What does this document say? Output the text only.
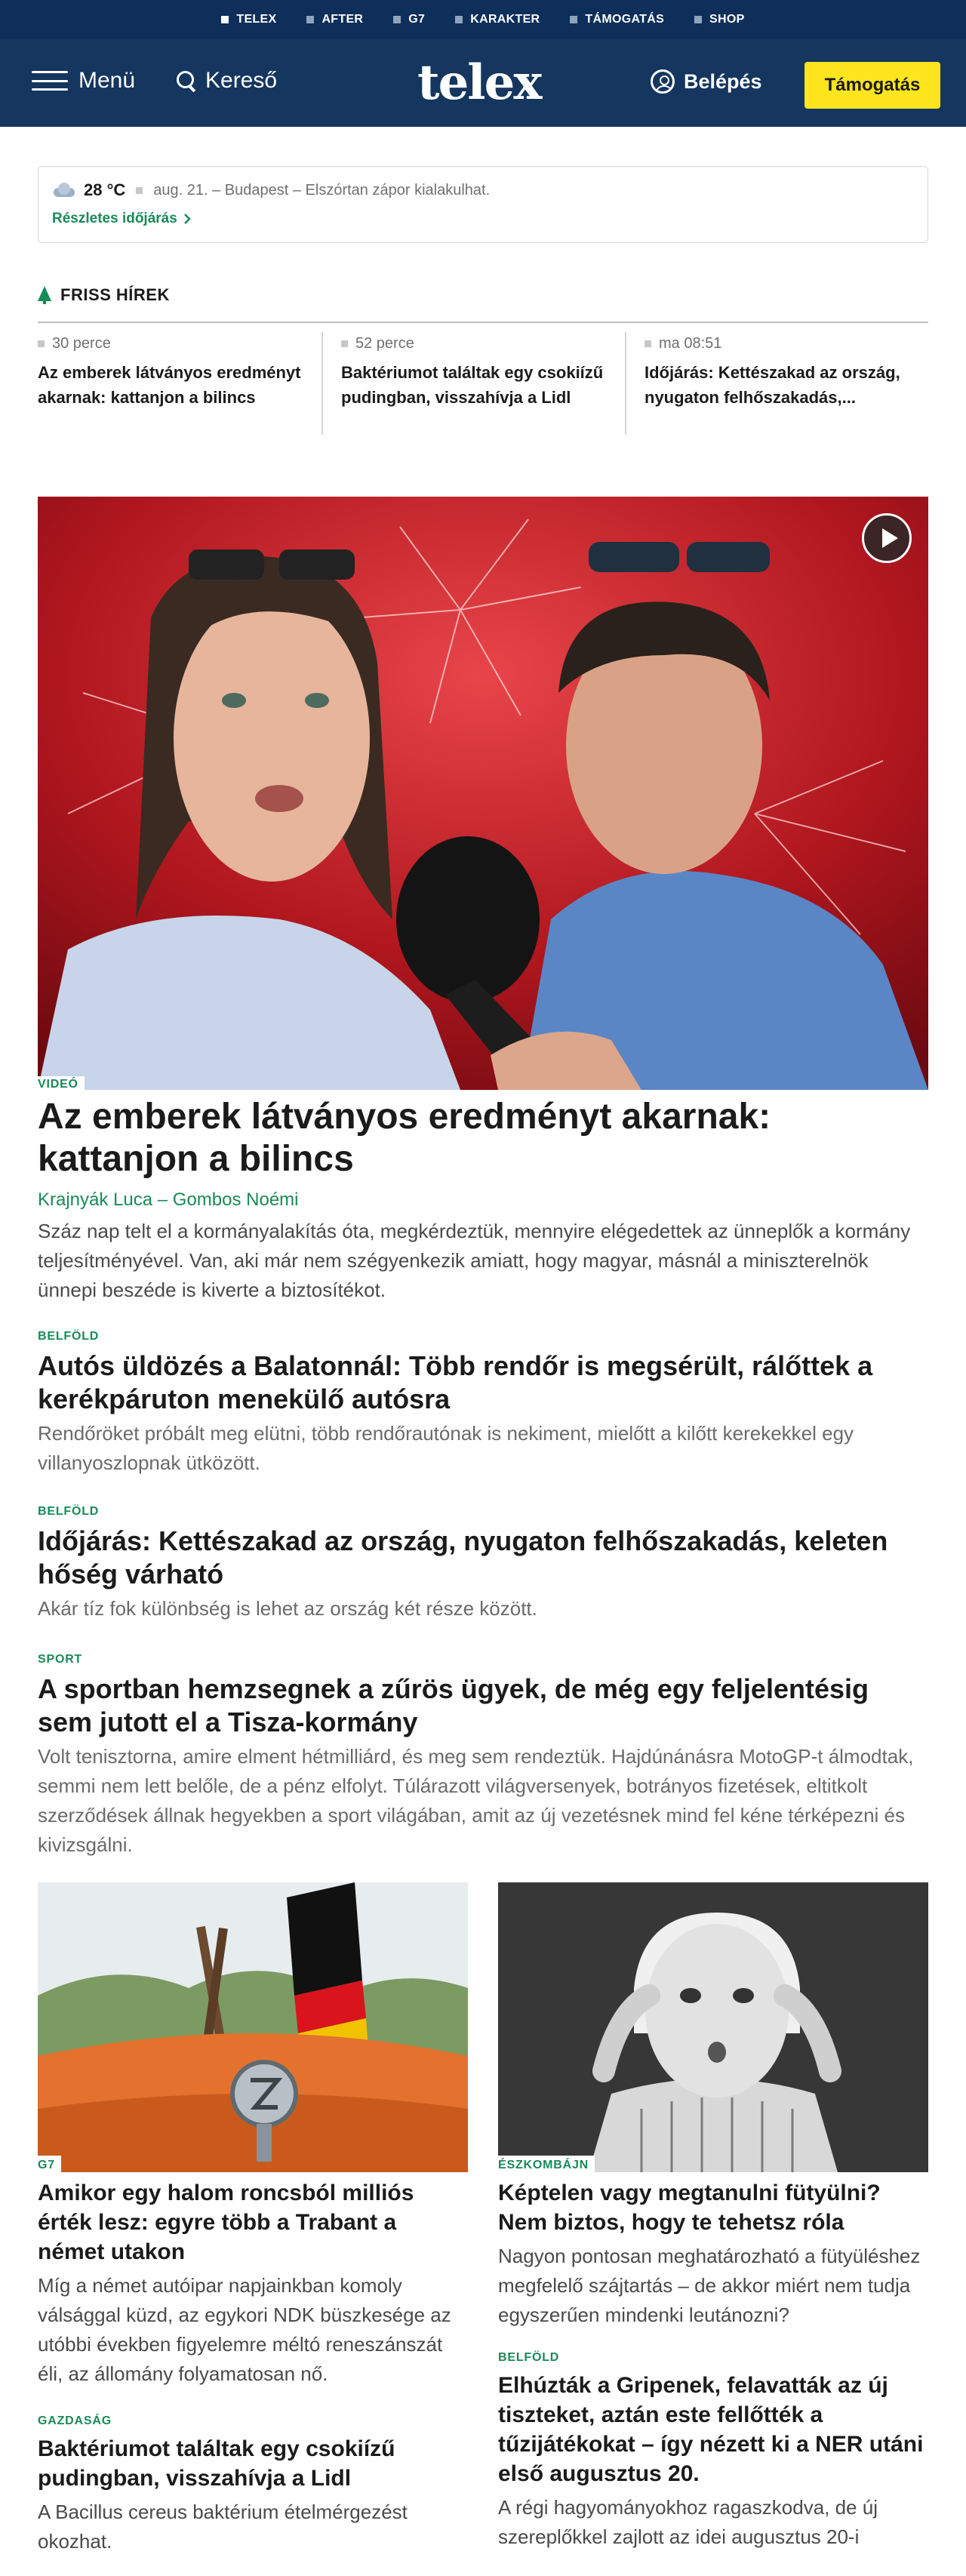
TELEX	AFTER	G7	KARAKTER	TÁMOGATÁS	SHOP
Menü	Kereső	telex	Belépés	Támogatás
28 °C aug. 21. – Budapest – Elszórtan zápor kialakulhat.
Részletes időjárás
FRISS HÍREK
30 perce
Az emberek látványos eredményt akarnak: kattanjon a bilincs
52 perce
Baktériumot találtak egy csokiízű pudingban, visszahívja a Lidl
ma 08:51
Időjárás: Kettészakad az ország, nyugaton felhőszakadás,...
VIDEÓ
Az emberek látványos eredményt akarnak: kattanjon a bilincs
Krajnyák Luca – Gombos Noémi

Száz nap telt el a kormányalakítás óta, megkérdeztük, mennyire elégedettek az ünneplők a kormány teljesítményével. Van, aki már nem szégyenkezik amiatt, hogy magyar, másnál a miniszterelnök ünnepi beszéde is kiverte a biztosítékot.

BELFÖLD
Autós üldözés a Balatonnál: Több rendőr is megsérült, rálőttek a kerékpáruton menekülő autósra
Rendőröket próbált meg elütni, több rendőrautónak is nekiment, mielőtt a kilőtt kerekekkel egy villanyoszlopnak ütközött.
BELFÖLD
Időjárás: Kettészakad az ország, nyugaton felhőszakadás, keleten hőség várható
Akár tíz fok különbség is lehet az ország két része között.
SPORT
A sportban hemzsegnek a zűrös ügyek, de még egy feljelentésig sem jutott el a Tisza-kormány
Volt tenisztorna, amire elment hétmilliárd, és meg sem rendeztük. Hajdúnánásra MotoGP-t álmodtak, semmi nem lett belőle, de a pénz elfolyt. Túlárazott világversenyek, botrányos fizetések, eltitkolt szerződések állnak hegyekben a sport világában, amit az új vezetésnek mind fel kéne térképezni és kivizsgálni.
G7	ÉSZKOMBÁJN
Amikor egy halom roncsból milliós érték lesz: egyre több a Trabant a német utakon
Míg a német autóipar napjainkban komoly válsággal küzd, az egykori NDK büszkesége az utóbbi években figyelemre méltó reneszánszát éli, az állomány folyamatosan nő.
GAZDASÁG
Baktériumot találtak egy csokiízű pudingban, visszahívja a Lidl
A Bacillus cereus baktérium ételmérgezést okozhat.
Képtelen vagy megtanulni fütyülni? Nem biztos, hogy te tehetsz róla
Nagyon pontosan meghatározható a fütyüléshez megfelelő szájtartás – de akkor miért nem tudja egyszerűen mindenki leutánozni?
BELFÖLD
Elhúzták a Gripenek, felavatták az új tiszteket, aztán este fellőtték a tűzijátékokat – így nézett ki a NER utáni első augusztus 20.
A régi hagyományokhoz ragaszkodva, de új szereplőkkel zajlott az idei augusztus 20-i
